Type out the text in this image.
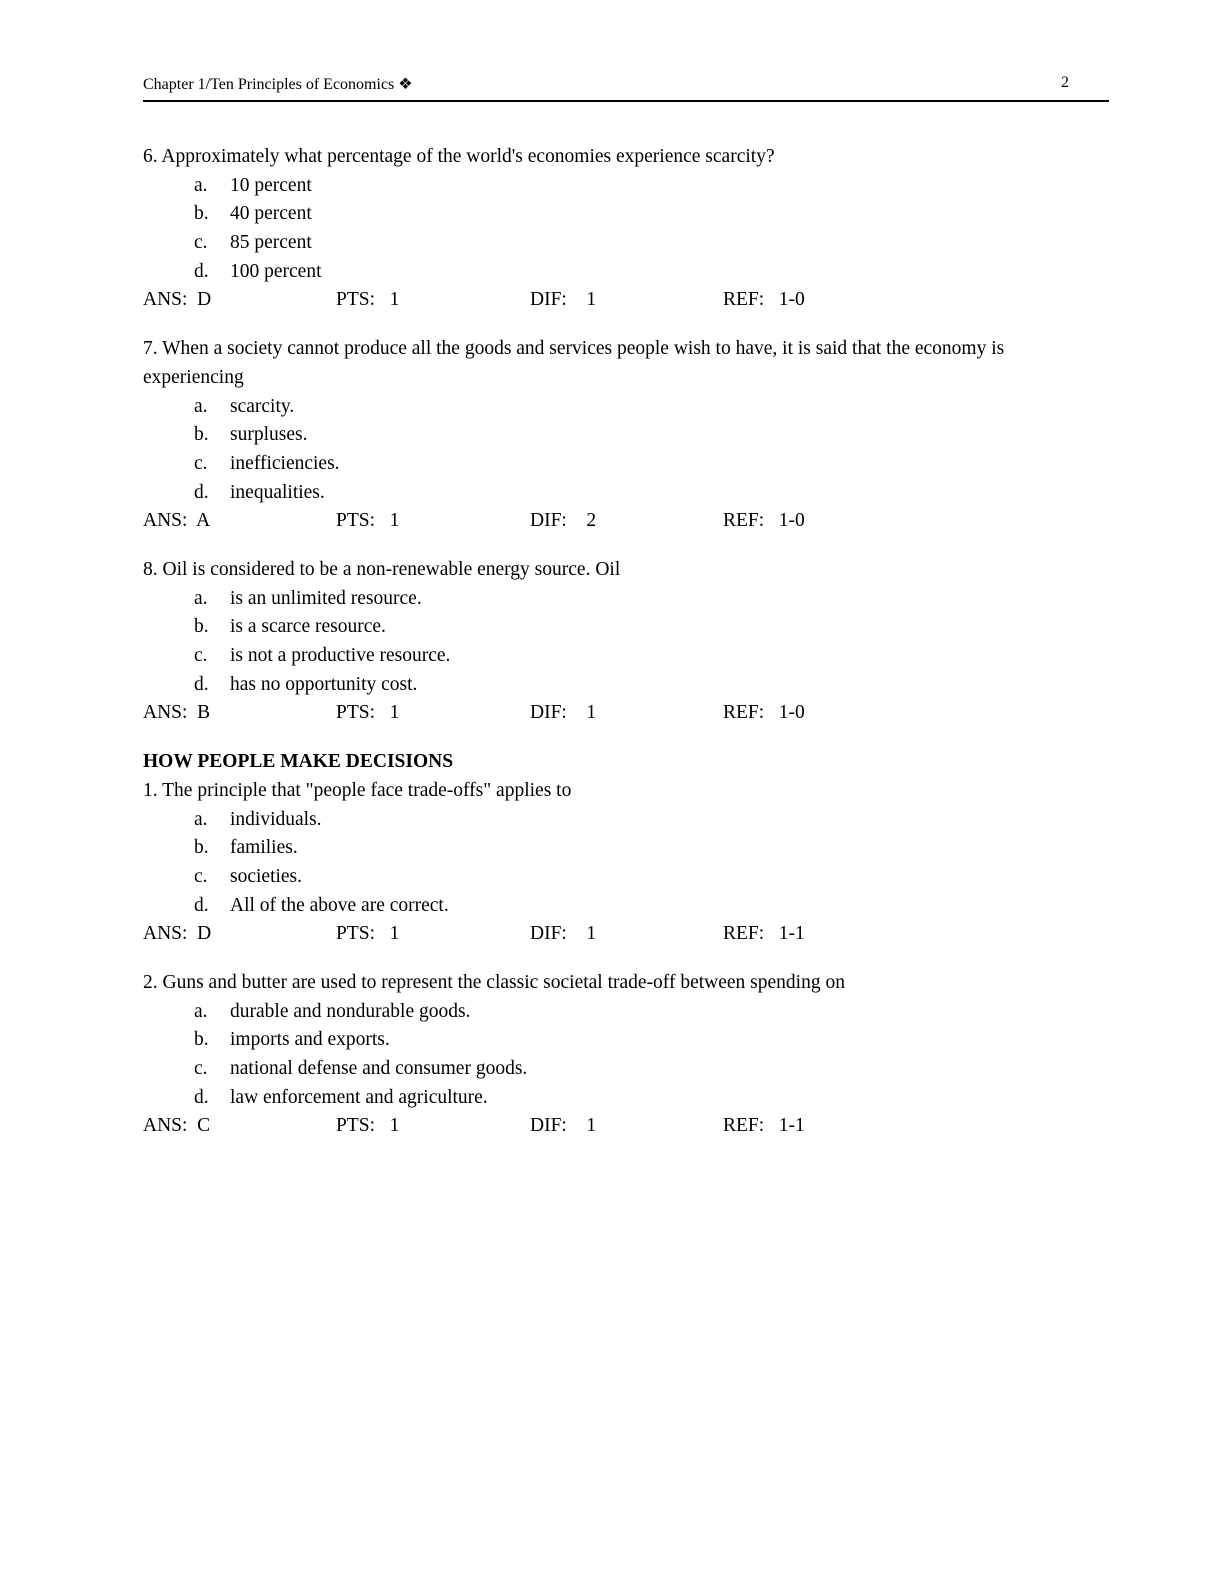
Chapter 1/Ten Principles of Economics ❖	2

6. Approximately what percentage of the world's economies experience scarcity?

a.	10 percent
b.	40 percent
c.	85 percent
d.	100 percent
ANS:  D	PTS:   1	DIF:    1	REF:   1-0

7. When a society cannot produce all the goods and services people wish to have, it is said that the economy is experiencing

a.	scarcity.
b.	surpluses.
c.	inefficiencies.
d.	inequalities.
ANS:  A	PTS:   1	DIF:    2	REF:   1-0

8. Oil is considered to be a non-renewable energy source. Oil

a.	is an unlimited resource.
b.	is a scarce resource.
c.	is not a productive resource.
d.	has no opportunity cost.
ANS:  B	PTS:   1	DIF:    1	REF:   1-0
HOW PEOPLE MAKE DECISIONS

1. The principle that "people face trade-offs" applies to

a.	individuals.
b.	families.
c.	societies.
d.	All of the above are correct.
ANS:  D	PTS:   1	DIF:    1	REF:   1-1

2. Guns and butter are used to represent the classic societal trade-off between spending on

a.	durable and nondurable goods.
b.	imports and exports.
c.	national defense and consumer goods.
d.	law enforcement and agriculture.
ANS:  C	PTS:   1	DIF:    1	REF:   1-1
